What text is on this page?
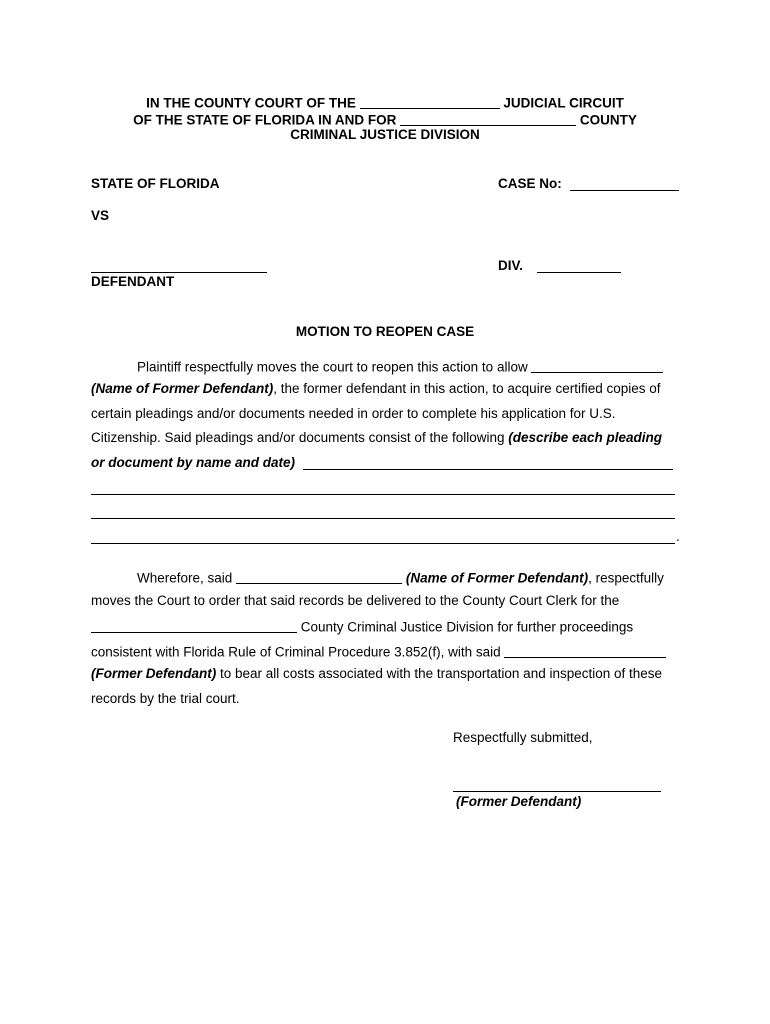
IN THE COUNTY COURT OF THE	JUDICIAL CIRCUIT
OF THE STATE OF FLORIDA IN AND FOR	COUNTY
CRIMINAL JUSTICE DIVISION
STATE OF FLORIDA	CASE No:
VS
DIV.
DEFENDANT
MOTION TO REOPEN CASE
Plaintiff respectfully moves the court to reopen this action to allow
(Name of Former Defendant), the former defendant in this action, to acquire certified copies of
certain pleadings and/or documents needed in order to complete his application for U.S.
Citizenship. Said pleadings and/or documents consist of the following (describe each pleading
or document by name and date)
.
Wherefore, said	(Name of Former Defendant), respectfully
moves the Court to order that said records be delivered to the County Court Clerk for the
County Criminal Justice Division for further proceedings
consistent with Florida Rule of Criminal Procedure 3.852(f), with said
(Former Defendant) to bear all costs associated with the transportation and inspection of these
records by the trial court.
Respectfully submitted,
(Former Defendant)
